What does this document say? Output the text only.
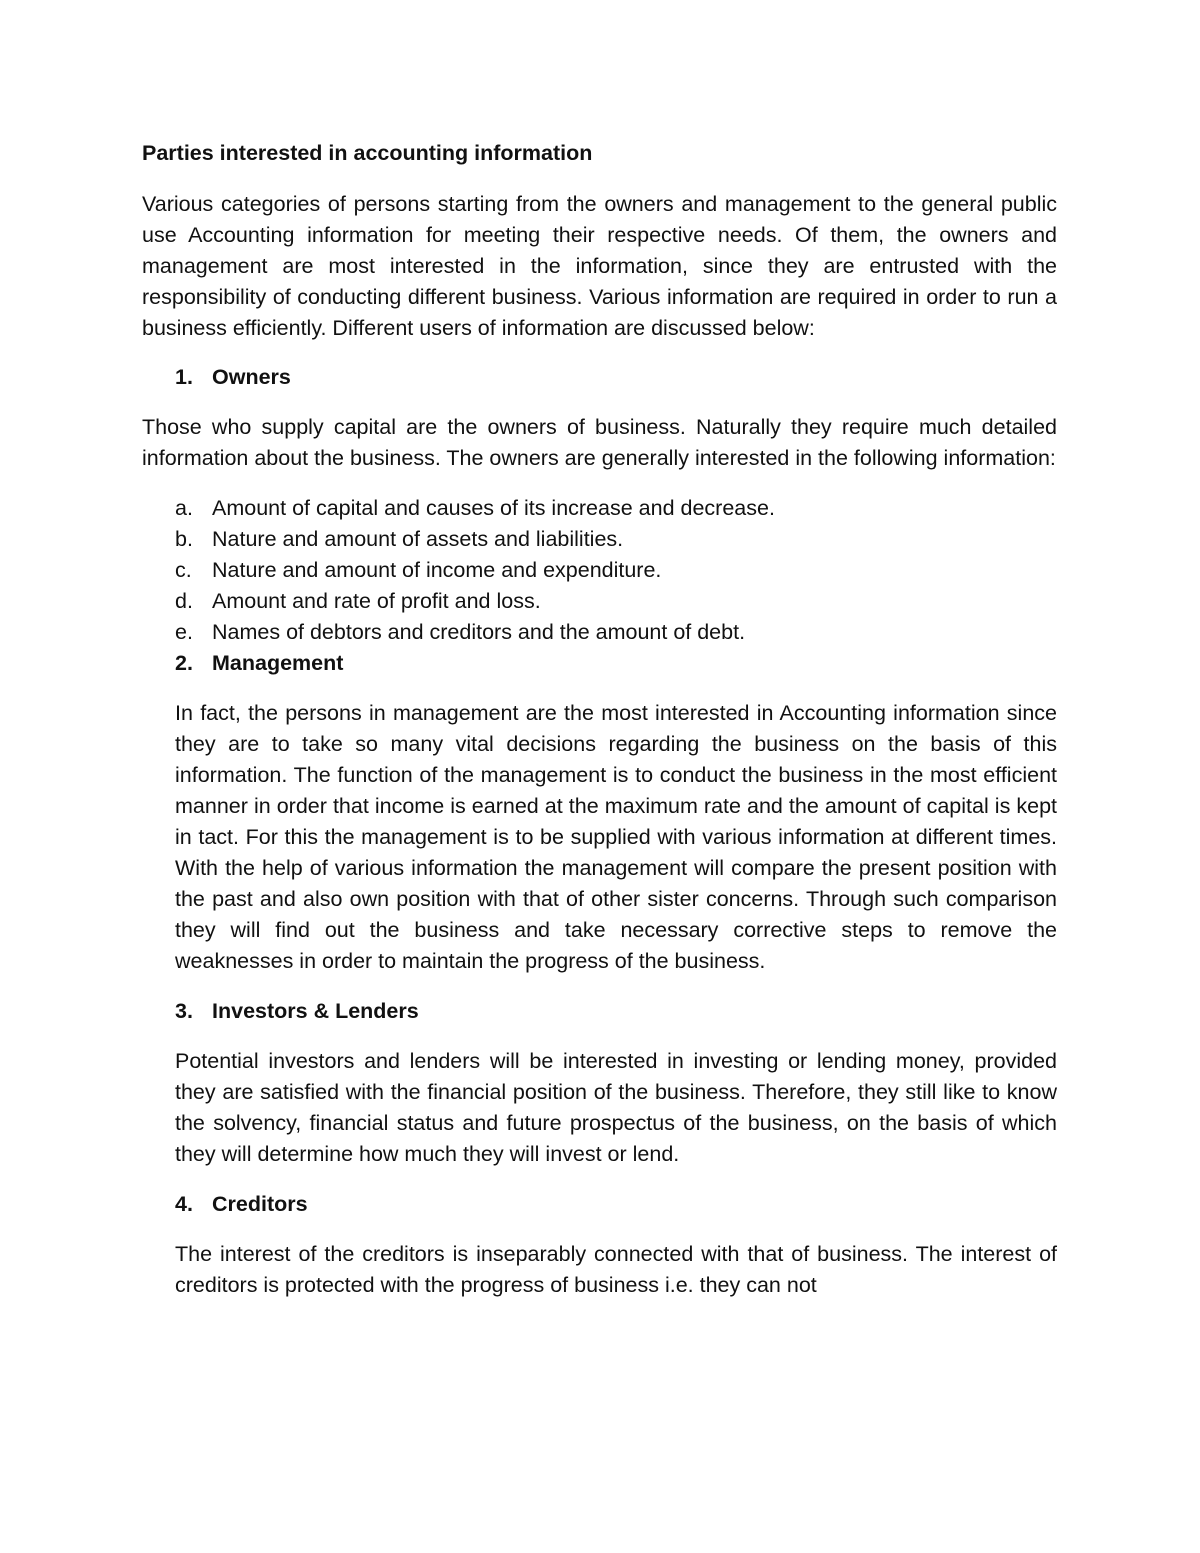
Parties interested in accounting information

Various categories of persons starting from the owners and management to the general public use Accounting information for meeting their respective needs. Of them, the owners and management are most interested in the information, since they are entrusted with the responsibility of conducting different business. Various information are required in order to run a business efficiently. Different users of information are discussed below:

1. Owners

Those who supply capital are the owners of business. Naturally they require much detailed information about the business. The owners are generally interested in the following information:

a. Amount of capital and causes of its increase and decrease.
b. Nature and amount of assets and liabilities.
c. Nature and amount of income and expenditure.
d. Amount and rate of profit and loss.
e. Names of debtors and creditors and the amount of debt.
2. Management

In fact, the persons in management are the most interested in Accounting information since they are to take so many vital decisions regarding the business on the basis of this information. The function of the management is to conduct the business in the most efficient manner in order that income is earned at the maximum rate and the amount of capital is kept in tact. For this the management is to be supplied with various information at different times. With the help of various information the management will compare the present position with the past and also own position with that of other sister concerns. Through such comparison they will find out the business and take necessary corrective steps to remove the weaknesses in order to maintain the progress of the business.

3. Investors & Lenders

Potential investors and lenders will be interested in investing or lending money, provided they are satisfied with the financial position of the business. Therefore, they still like to know the solvency, financial status and future prospectus of the business, on the basis of which they will determine how much they will invest or lend.

4. Creditors

The interest of the creditors is inseparably connected with that of business. The interest of creditors is protected with the progress of business i.e. they can not
